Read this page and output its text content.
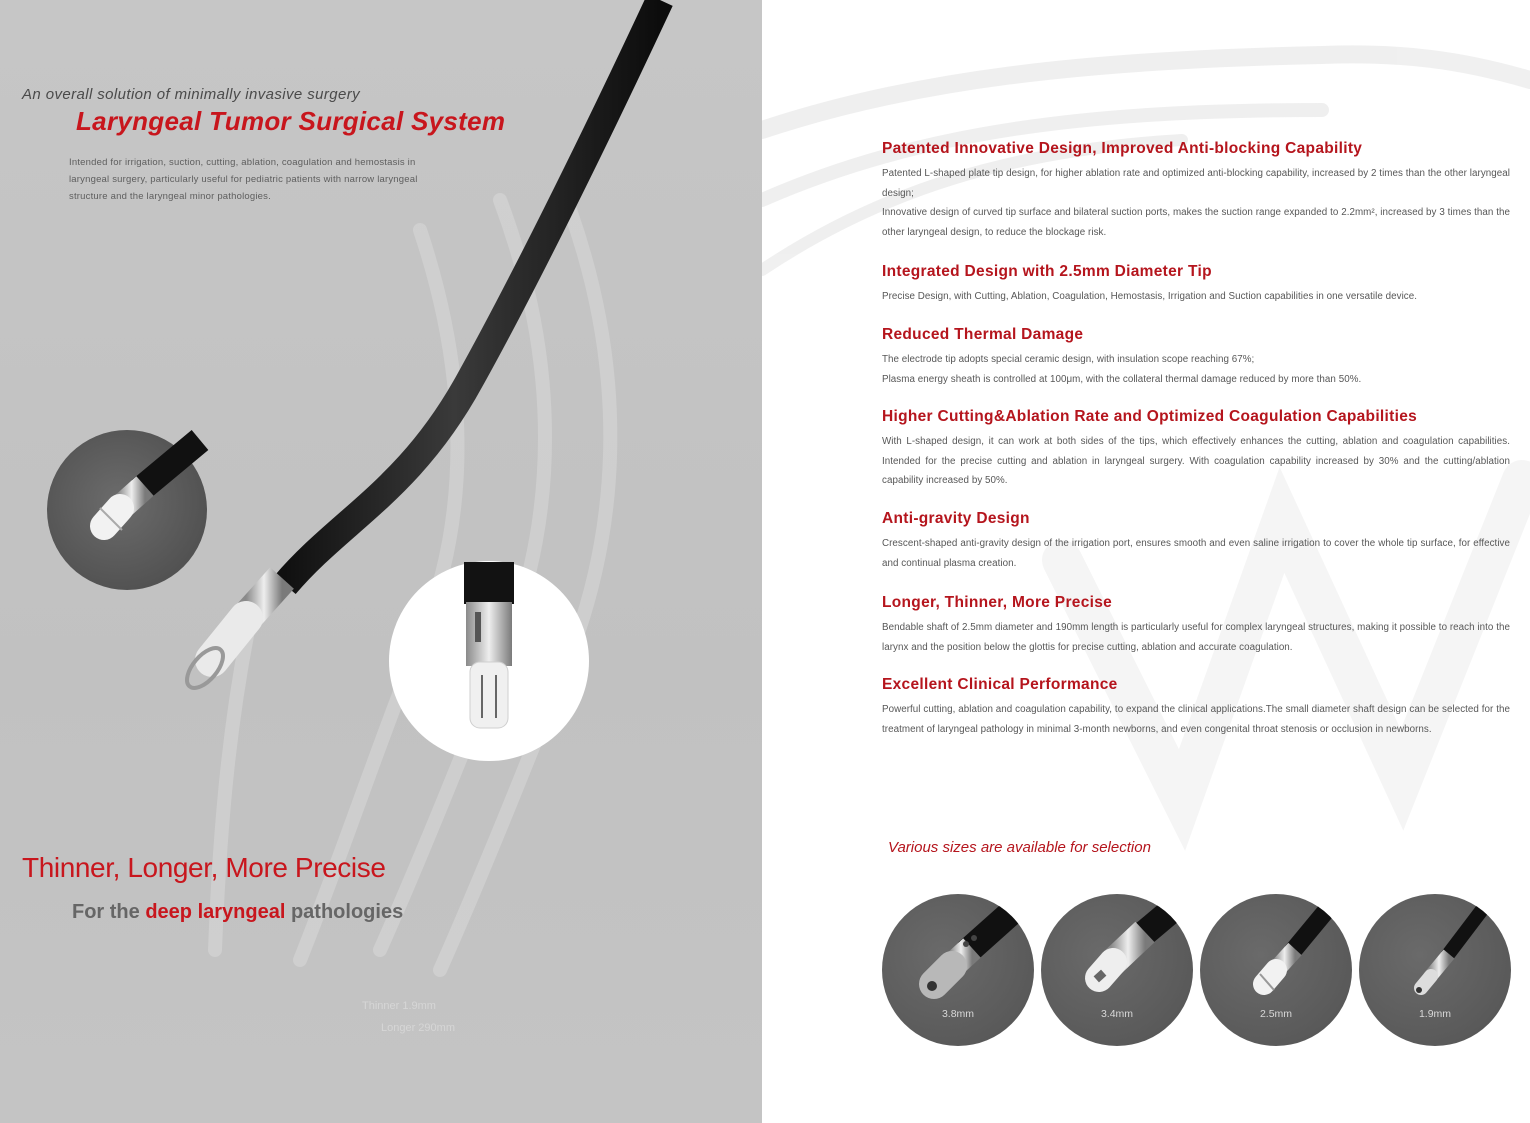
An overall solution of minimally invasive surgery
Laryngeal Tumor Surgical System
Intended for irrigation, suction, cutting, ablation, coagulation and hemostasis in
laryngeal surgery, particularly useful for pediatric patients with narrow laryngeal
structure and the laryngeal minor pathologies.
Thinner, Longer, More Precise
For the deep laryngeal pathologies
Thinner 1.9mm
Longer 290mm
Patented Innovative Design, Improved Anti-blocking Capability
Patented L-shaped plate tip design, for higher ablation rate and optimized anti-blocking capability, increased by 2 times than the other laryngeal design;
Innovative design of curved tip surface and bilateral suction ports, makes the suction range expanded to 2.2mm², increased by 3 times than the other laryngeal design, to reduce the blockage risk.
Integrated Design with 2.5mm Diameter Tip
Precise Design, with Cutting, Ablation, Coagulation, Hemostasis, Irrigation and Suction capabilities in one versatile device.
Reduced Thermal Damage
The electrode tip adopts special ceramic design, with insulation scope reaching 67%;
Plasma energy sheath is controlled at 100μm, with the collateral thermal damage reduced by more than 50%.
Higher Cutting&Ablation Rate and Optimized Coagulation Capabilities
With L-shaped design, it can work at both sides of the tips, which effectively enhances the cutting, ablation and coagulation capabilities. Intended for the precise cutting and ablation in laryngeal surgery. With coagulation capability increased by 30% and the cutting/ablation capability increased by 50%.
Anti-gravity Design
Crescent-shaped anti-gravity design of the irrigation port, ensures smooth and even saline irrigation to cover the whole tip surface, for effective and continual plasma creation.
Longer, Thinner, More Precise
Bendable shaft of 2.5mm diameter and 190mm length is particularly useful for complex laryngeal structures, making it possible to reach into the larynx and the position below the glottis for precise cutting, ablation and accurate coagulation.
Excellent Clinical Performance
Powerful cutting, ablation and coagulation capability, to expand the clinical applications.The small diameter shaft design can be selected for the treatment of laryngeal pathology in minimal 3-month newborns, and even congenital throat stenosis or occlusion in newborns.
Various sizes are available for selection
3.8mm	3.4mm	2.5mm	1.9mm
